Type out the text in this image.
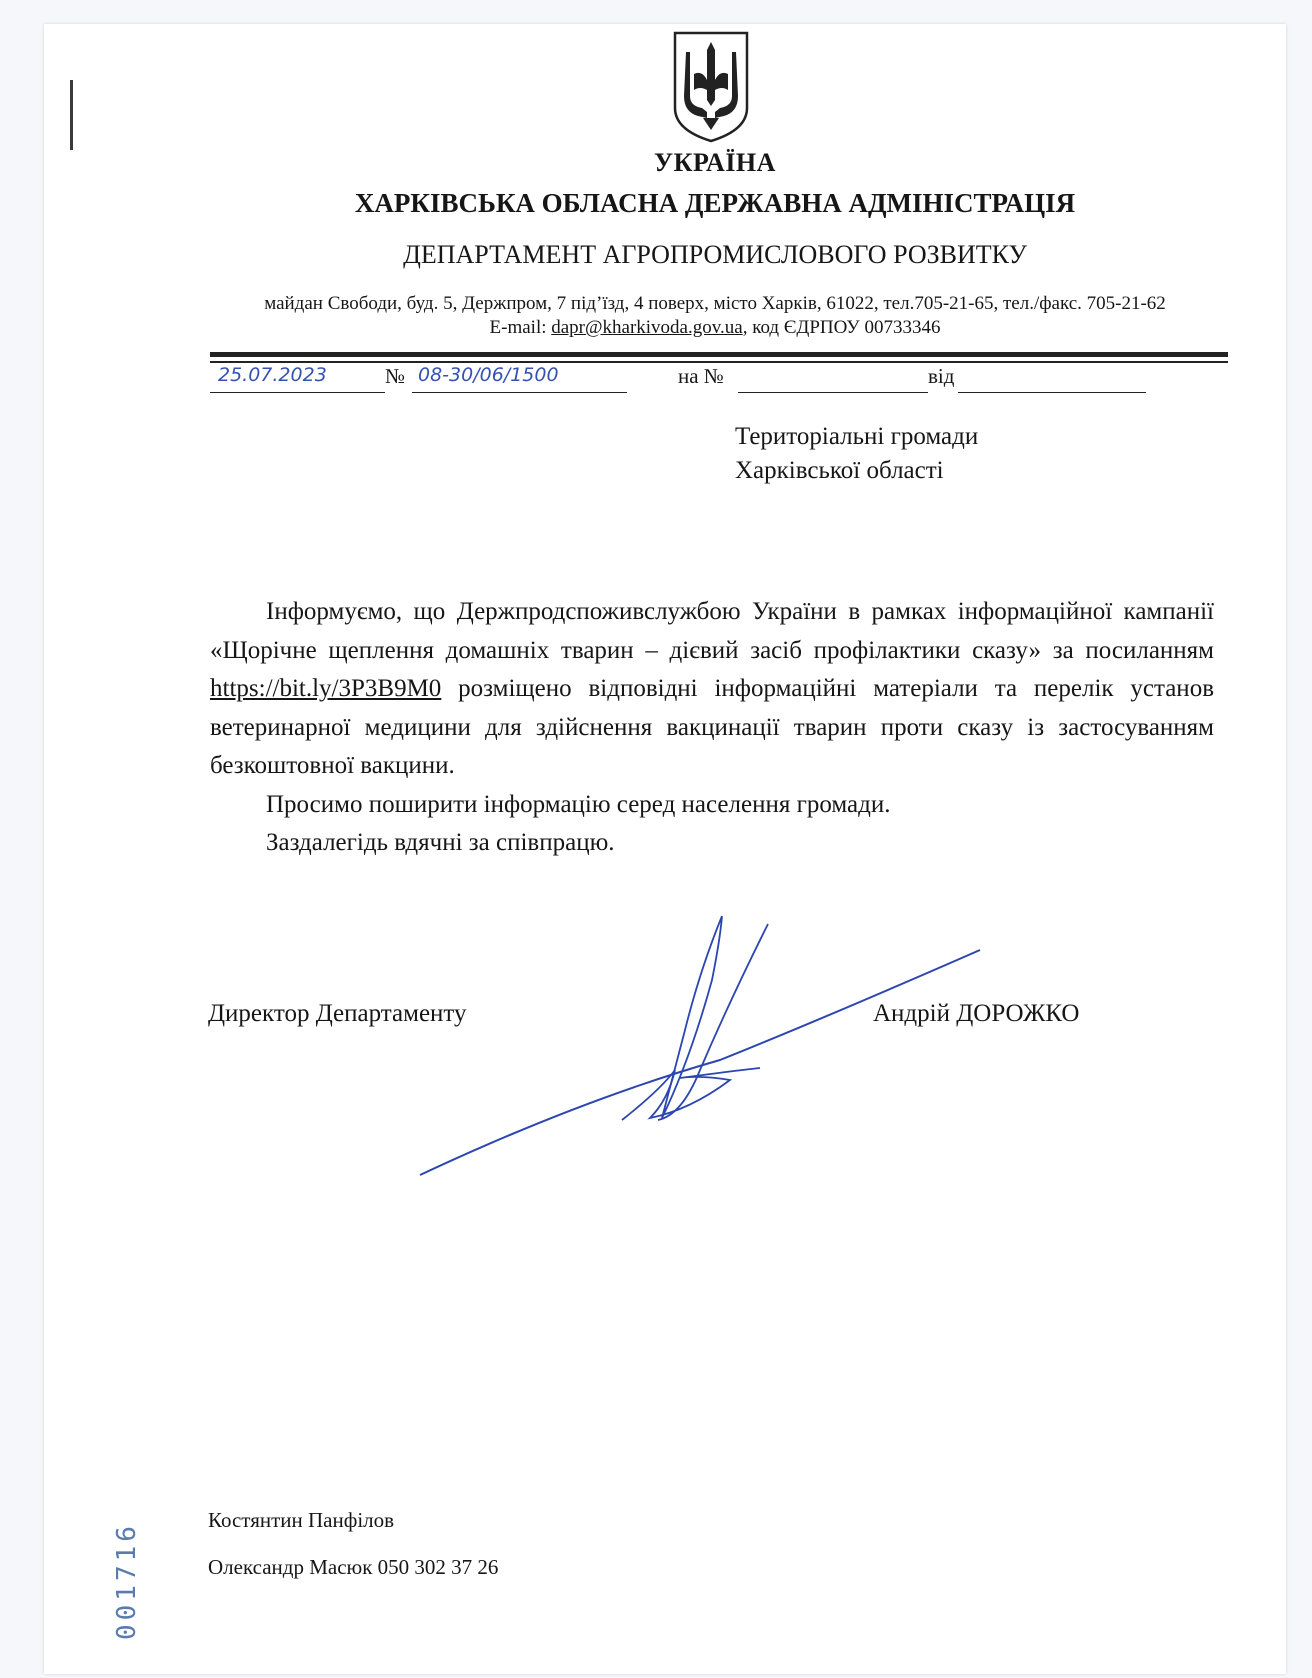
УКРАЇНА
ХАРКІВСЬКА ОБЛАСНА ДЕРЖАВНА АДМІНІСТРАЦІЯ
ДЕПАРТАМЕНТ АГРОПРОМИСЛОВОГО РОЗВИТКУ
майдан Свободи, буд. 5, Держпром, 7 під’їзд, 4 поверх, місто Харків, 61022, тел.705-21-65, тел./факс. 705-21-62
E-mail: dapr@kharkivoda.gov.ua, код ЄДРПОУ 00733346
25.07.2023	№ 08-30/06/1500	на №	від
Територіальні громади
Харківської області

Інформуємо, що Держпродспоживслужбою України в рамках інформаційної кампанії «Щорічне щеплення домашніх тварин – дієвий засіб профілактики сказу» за посиланням https://bit.ly/3P3B9M0 розміщено відповідні інформаційні матеріали та перелік установ ветеринарної медицини для здійснення вакцинації тварин проти сказу із застосуванням безкоштовної вакцини.

Просимо поширити інформацію серед населення громади.

Заздалегідь вдячні за співпрацю.

Директор Департаменту	Андрій ДОРОЖКО
Костянтин Панфілов
Олександр Масюк 050 302 37 26
001716
